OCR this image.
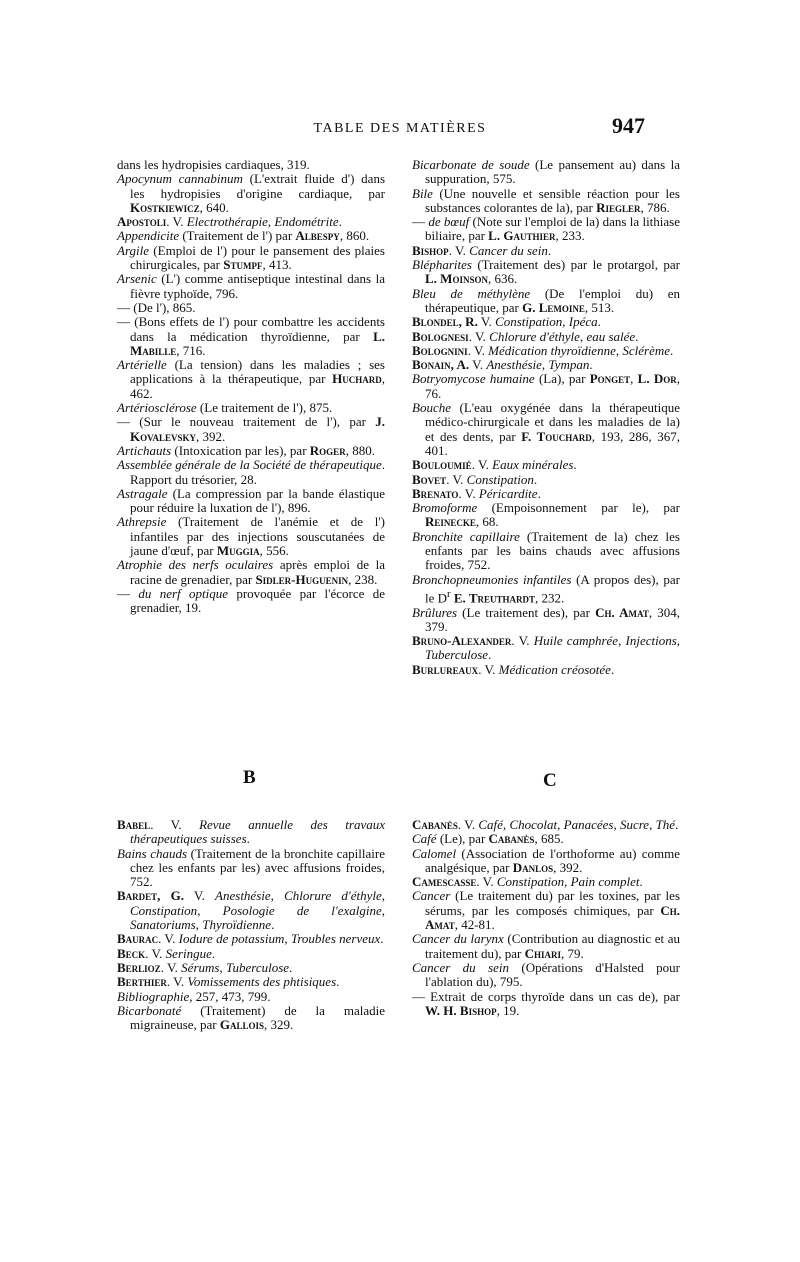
TABLE DES MATIÈRES	947

dans les hydropisies cardiaques, 319.

Apocynum cannabinum (L'extrait fluide d') dans les hydropisies d'origine cardiaque, par Kostkiewicz, 640.

Apostoli. V. Electrothérapie, Endométrite.

Appendicite (Traitement de l') par Albespy, 860.

Argile (Emploi de l') pour le pansement des plaies chirurgicales, par Stumpf, 413.

Arsenic (L') comme antiseptique intestinal dans la fièvre typhoïde, 796.

— (De l'), 865.

— (Bons effets de l') pour combattre les accidents dans la médication thyroïdienne, par L. Mabille, 716.

Artérielle (La tension) dans les maladies ; ses applications à la thérapeutique, par Huchard, 462.

Artériosclérose (Le traitement de l'), 875.

— (Sur le nouveau traitement de l'), par J. Kovalevsky, 392.

Artichauts (Intoxication par les), par Roger, 880.

Assemblée générale de la Société de thérapeutique. Rapport du trésorier, 28.

Astragale (La compression par la bande élastique pour réduire la luxation de l'), 896.

Athrepsie (Traitement de l'anémie et de l') infantiles par des injections souscutanées de jaune d'œuf, par Muggia, 556.

Atrophie des nerfs oculaires après emploi de la racine de grenadier, par Sidler-Huguenin, 238.

— du nerf optique provoquée par l'écorce de grenadier, 19.

Bicarbonate de soude (Le pansement au) dans la suppuration, 575.

Bile (Une nouvelle et sensible réaction pour les substances colorantes de la), par Riegler, 786.

— de bœuf (Note sur l'emploi de la) dans la lithiase biliaire, par L. Gauthier, 233.

Bishop. V. Cancer du sein.

Blépharites (Traitement des) par le protargol, par L. Moinson, 636.

Bleu de méthylène (De l'emploi du) en thérapeutique, par G. Lemoine, 513.

Blondel, R. V. Constipation, Ipéca.

Bolognesi. V. Chlorure d'éthyle, eau salée.

Bolognini. V. Médication thyroïdienne, Sclérème.

Bonain, A. V. Anesthésie, Tympan.

Botryomycose humaine (La), par Ponget, L. Dor, 76.

Bouche (L'eau oxygénée dans la thérapeutique médico-chirurgicale et dans les maladies de la) et des dents, par F. Touchard, 193, 286, 367, 401.

Bouloumié. V. Eaux minérales.

Bovet. V. Constipation.

Brenato. V. Péricardite.

Bromoforme (Empoisonnement par le), par Reinecke, 68.

Bronchite capillaire (Traitement de la) chez les enfants par les bains chauds avec affusions froides, 752.

Bronchopneumonies infantiles (A propos des), par le $D^r$ E. Treuthardt, 232.

Brûlures (Le traitement des), par Ch. Amat, 304, 379.

Bruno-Alexander. V. Huile camphrée, Injections, Tuberculose.

Burlureaux. V. Médication créosotée.

B	C

Babel. V. Revue annuelle des travaux thérapeutiques suisses.

Bains chauds (Traitement de la bronchite capillaire chez les enfants par les) avec affusions froides, 752.

Bardet, G. V. Anesthésie, Chlorure d'éthyle, Constipation, Posologie de l'exalgine, Sanatoriums, Thyroïdienne.

Baurac. V. Iodure de potassium, Troubles nerveux.

Beck. V. Seringue.

Berlioz. V. Sérums, Tuberculose.

Berthier. V. Vomissements des phtisiques.

Bibliographie, 257, 473, 799.

Bicarbonaté (Traitement) de la maladie migraineuse, par Gallois, 329.

Cabanès. V. Café, Chocolat, Panacées, Sucre, Thé.

Café (Le), par Cabanès, 685.

Calomel (Association de l'orthoforme au) comme analgésique, par Danlos, 392.

Camescasse. V. Constipation, Pain complet.

Cancer (Le traitement du) par les toxines, par les sérums, par les composés chimiques, par Ch. Amat, 42-81.

Cancer du larynx (Contribution au diagnostic et au traitement du), par Chiari, 79.

Cancer du sein (Opérations d'Halsted pour l'ablation du), 795.

— Extrait de corps thyroïde dans un cas de), par W. H. Bishop, 19.
